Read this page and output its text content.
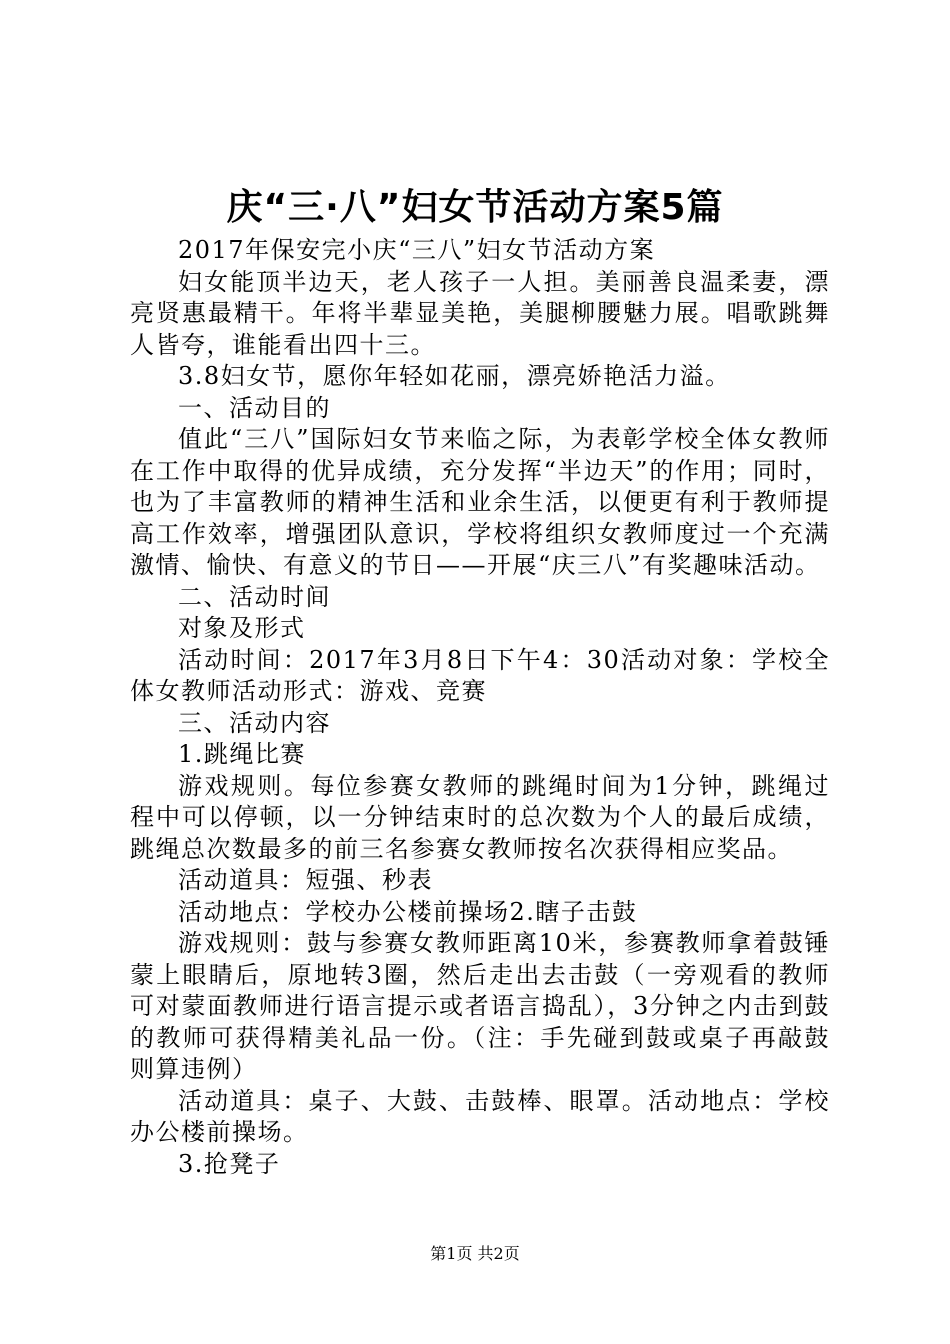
庆“三·八”妇女节活动方案5篇

2017年保安完小庆“三八”妇女节活动方案

妇女能顶半边天，老人孩子一人担。美丽善良温柔妻，漂亮贤惠最精干。年将半辈显美艳，美腿柳腰魅力展。唱歌跳舞人皆夸，谁能看出四十三。

3.8妇女节，愿你年轻如花丽，漂亮娇艳活力溢。

一、活动目的

值此“三八”国际妇女节来临之际，为表彰学校全体女教师在工作中取得的优异成绩，充分发挥“半边天”的作用；同时，也为了丰富教师的精神生活和业余生活，以便更有利于教师提高工作效率，增强团队意识，学校将组织女教师度过一个充满激情、愉快、有意义的节日——开展“庆三八”有奖趣味活动。

二、活动时间

对象及形式

活动时间：2017年3月8日下午4：30活动对象：学校全体女教师活动形式：游戏、竞赛

三、活动内容

1.跳绳比赛

游戏规则。每位参赛女教师的跳绳时间为1分钟，跳绳过程中可以停顿，以一分钟结束时的总次数为个人的最后成绩，跳绳总次数最多的前三名参赛女教师按名次获得相应奖品。

活动道具：短强、秒表

活动地点：学校办公楼前操场2.瞎子击鼓

游戏规则：鼓与参赛女教师距离10米，参赛教师拿着鼓锤蒙上眼睛后，原地转3圈，然后走出去击鼓（一旁观看的教师可对蒙面教师进行语言提示或者语言捣乱），3分钟之内击到鼓的教师可获得精美礼品一份。（注：手先碰到鼓或桌子再敲鼓则算违例）

活动道具：桌子、大鼓、击鼓棒、眼罩。活动地点：学校办公楼前操场。

3.抢凳子

第1页 共2页
